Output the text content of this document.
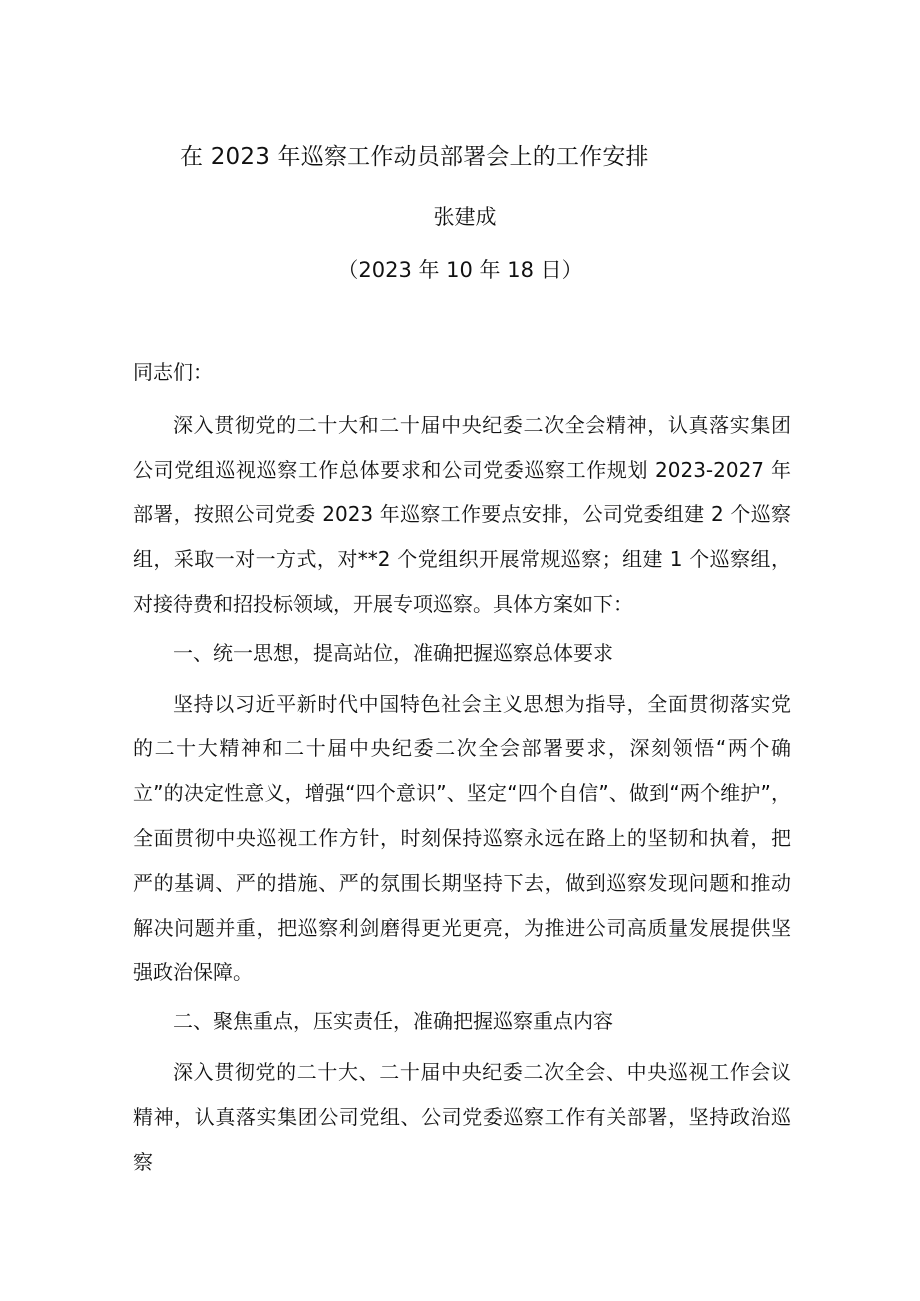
在 2023 年巡察工作动员部署会上的工作安排
张建成
（2023 年 10 年 18 日）

同志们：

深入贯彻党的二十大和二十届中央纪委二次全会精神，认真落实集团公司党组巡视巡察工作总体要求和公司党委巡察工作规划 2023-2027 年部署，按照公司党委 2023 年巡察工作要点安排，公司党委组建 2 个巡察组，采取一对一方式，对**2 个党组织开展常规巡察；组建 1 个巡察组，对接待费和招投标领域，开展专项巡察。具体方案如下：

一、统一思想，提高站位，准确把握巡察总体要求

坚持以习近平新时代中国特色社会主义思想为指导，全面贯彻落实党的二十大精神和二十届中央纪委二次全会部署要求，深刻领悟“两个确立”的决定性意义，增强“四个意识”、坚定“四个自信”、做到“两个维护”，全面贯彻中央巡视工作方针，时刻保持巡察永远在路上的坚韧和执着，把严的基调、严的措施、严的氛围长期坚持下去，做到巡察发现问题和推动解决问题并重，把巡察利剑磨得更光更亮，为推进公司高质量发展提供坚强政治保障。

二、聚焦重点，压实责任，准确把握巡察重点内容

深入贯彻党的二十大、二十届中央纪委二次全会、中央巡视工作会议精神，认真落实集团公司党组、公司党委巡察工作有关部署，坚持政治巡察
